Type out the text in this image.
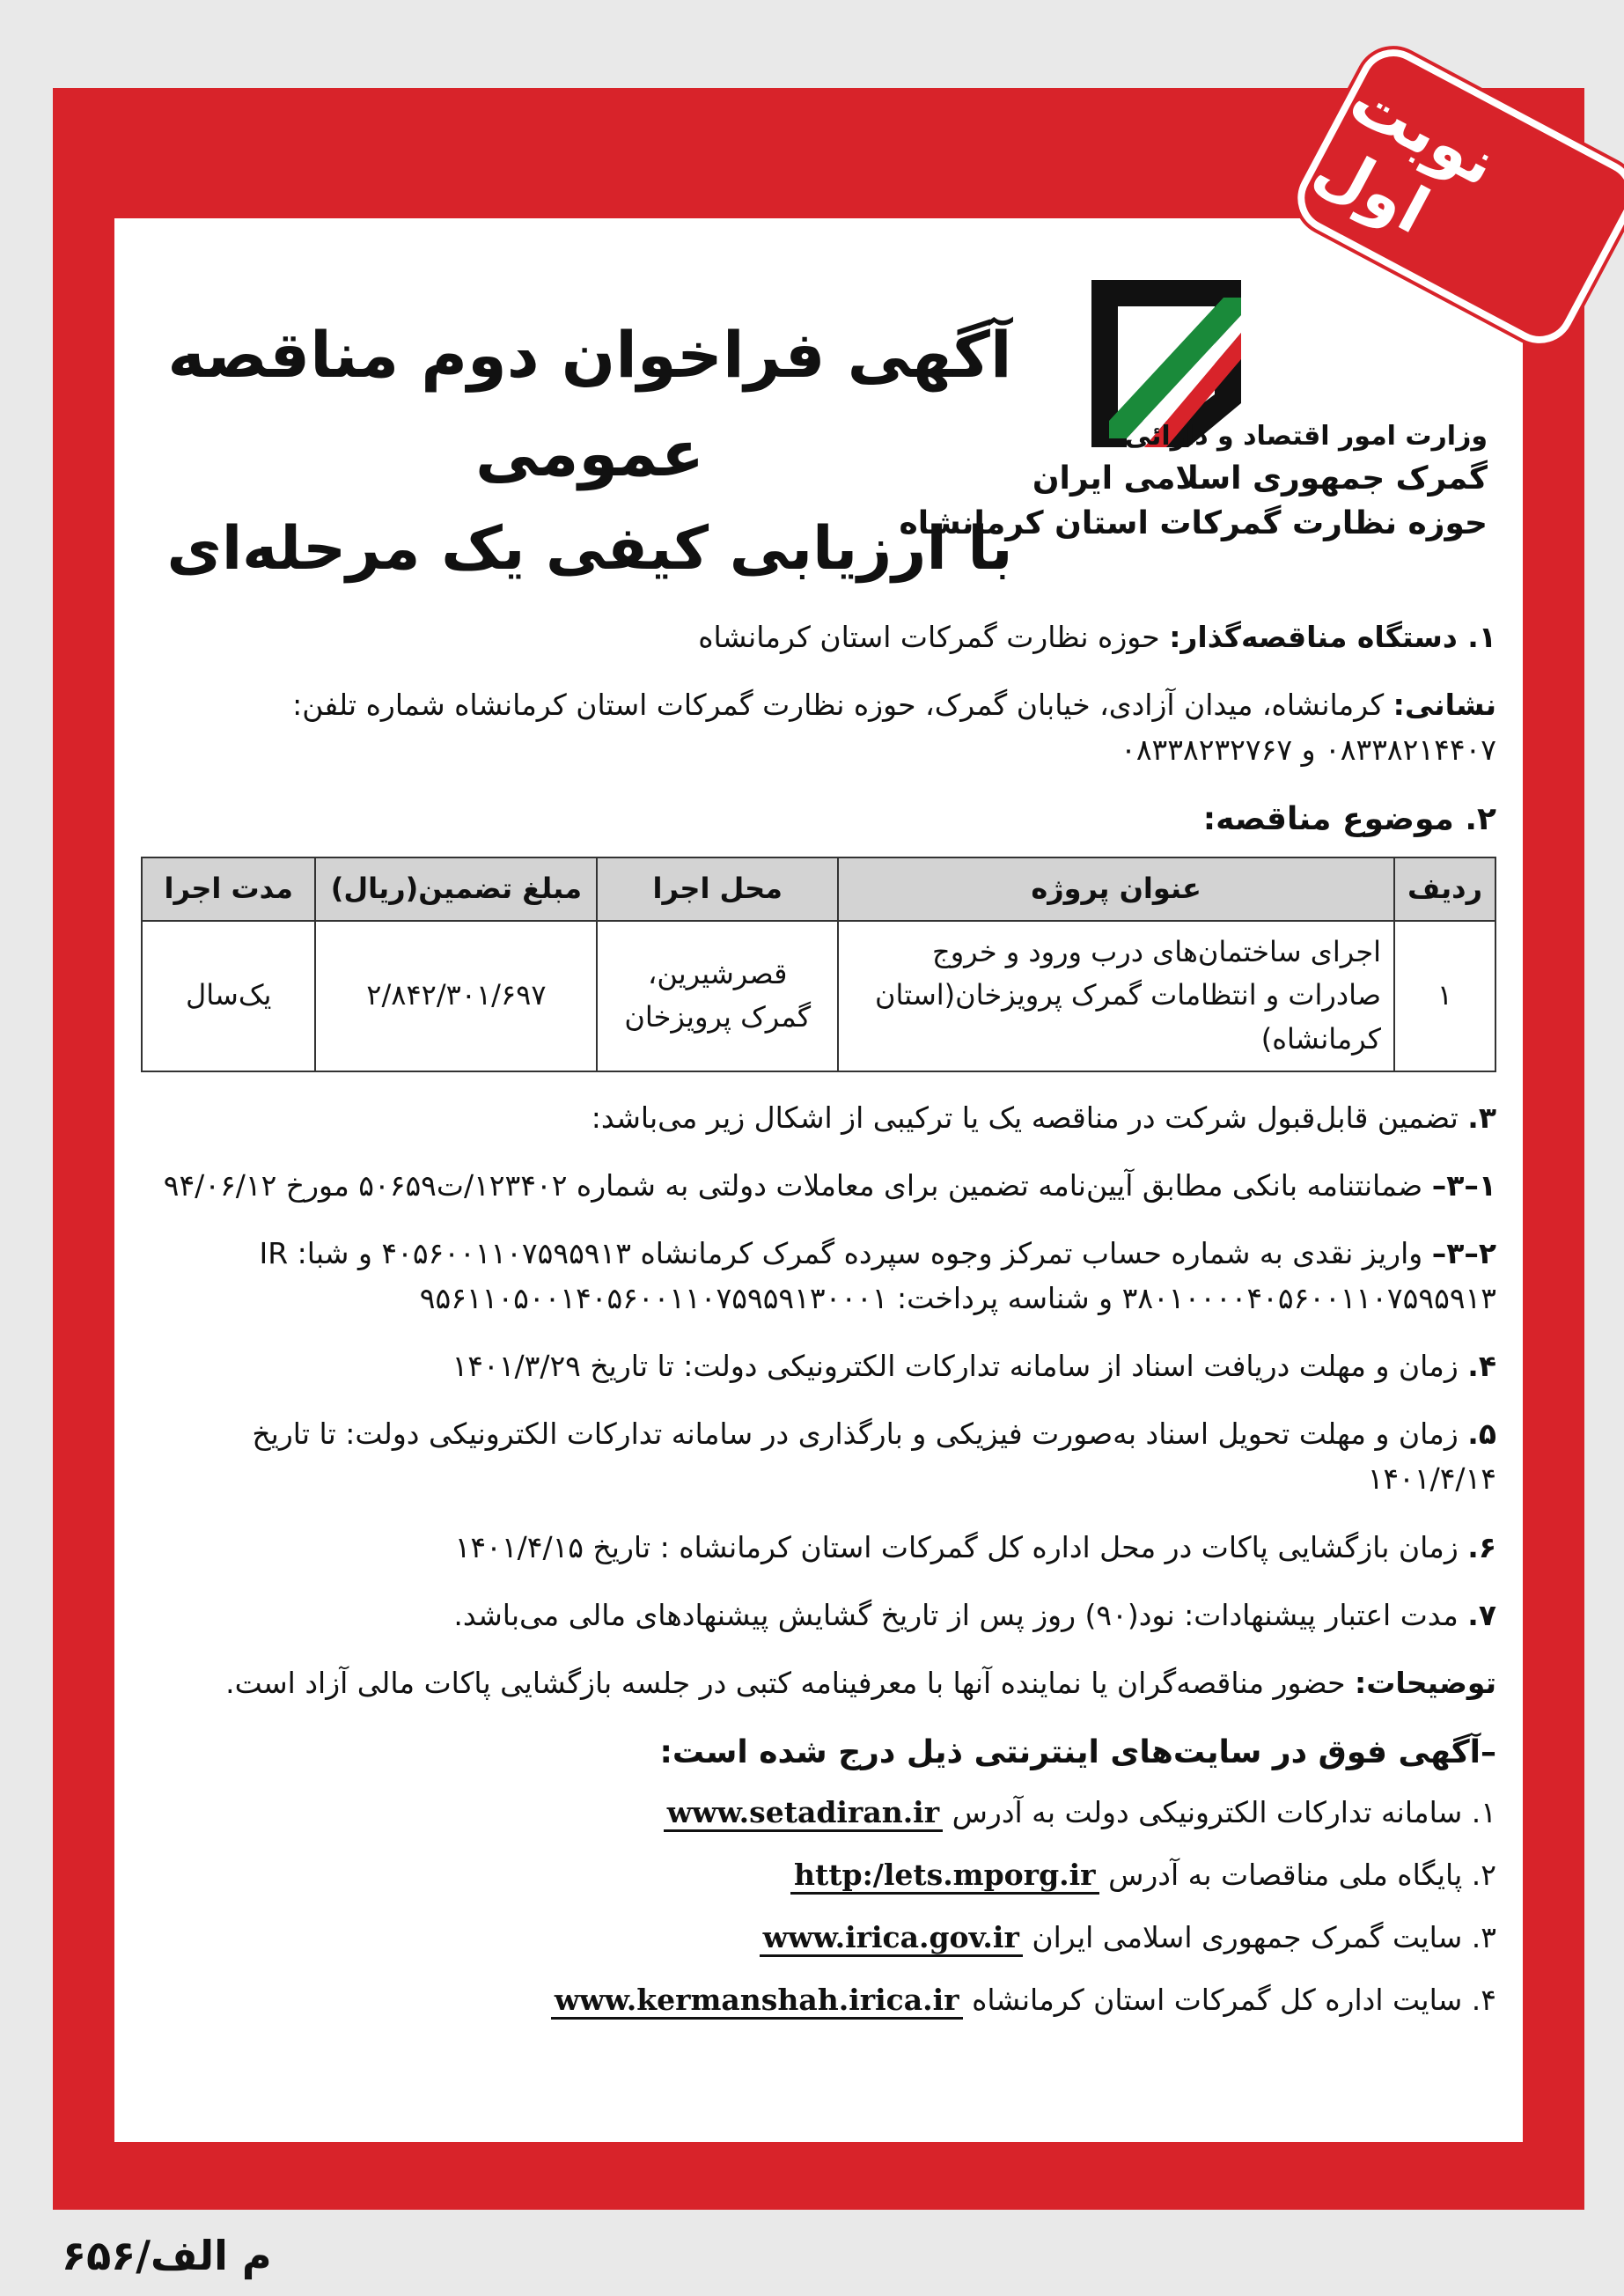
وزارت امور اقتصاد و دارائی
گمرک جمهوری اسلامی ایران
حوزه نظارت گمرکات استان کرمانشاه
آگهی فراخوان دوم مناقصه عمومی
با ارزیابی کیفی یک مرحله‌ای

۱. دستگاه مناقصه‌گذار: حوزه نظارت گمرکات استان کرمانشاه

نشانی: کرمانشاه، میدان آزادی، خیابان گمرک، حوزه نظارت گمرکات استان کرمانشاه شماره تلفن: ۰۸۳۳۸۲۱۴۴۰۷ و ۰۸۳۳۸۲۳۲۷۶۷

۲. موضوع مناقصه:
ردیف	عنوان پروژه	محل اجرا	مبلغ تضمین(ریال)	مدت اجرا
۱	اجرای ساختمان‌های درب ورود و خروج صادرات و انتظامات گمرک پرویزخان(استان کرمانشاه)	قصرشیرین، گمرک پرویزخان	۲/۸۴۲/۳۰۱/۶۹۷	یک‌سال

۳. تضمین قابل‌قبول شرکت در مناقصه یک یا ترکیبی از اشکال زیر می‌باشد:

۱–۳– ضمانتنامه بانکی مطابق آیین‌نامه تضمین برای معاملات دولتی به شماره ۱۲۳۴۰۲/ت۵۰۶۵۹ مورخ ۹۴/۰۶/۱۲

۲–۳– واریز نقدی به شماره حساب تمرکز وجوه سپرده گمرک کرمانشاه ۴۰۵۶۰۰۱۱۰۷۵۹۵۹۱۳ و شبا: IR ۳۸۰۱۰۰۰۰۴۰۵۶۰۰۱۱۰۷۵۹۵۹۱۳ و شناسه پرداخت: ۹۵۶۱۱۰۵۰۰۱۴۰۵۶۰۰۱۱۰۷۵۹۵۹۱۳۰۰۰۱

۴. زمان و مهلت دریافت اسناد از سامانه تدارکات الکترونیکی دولت: تا تاریخ ۱۴۰۱/۳/۲۹

۵. زمان و مهلت تحویل اسناد به‌صورت فیزیکی و بارگذاری در سامانه تدارکات الکترونیکی دولت: تا تاریخ ۱۴۰۱/۴/۱۴

۶. زمان بازگشایی پاکات در محل اداره کل گمرکات استان کرمانشاه : تاریخ ۱۴۰۱/۴/۱۵

۷. مدت اعتبار پیشنهادات: نود(۹۰) روز پس از تاریخ گشایش پیشنهادهای مالی می‌باشد.

توضیحات: حضور مناقصه‌گران یا نماینده آنها با معرفینامه کتبی در جلسه بازگشایی پاکات مالی آزاد است.

–آگهی فوق در سایت‌های اینترنتی ذیل درج شده است:
۱. سامانه تدارکات الکترونیکی دولت به آدرس www.setadiran.ir
۲. پایگاه ملی مناقصات به آدرس http:/lets.mporg.ir
۳. سایت گمرک جمهوری اسلامی ایران www.irica.gov.ir
۴. سایت اداره کل گمرکات استان کرمانشاه www.kermanshah.irica.ir
نوبت اول
م الف/۶۵۶
